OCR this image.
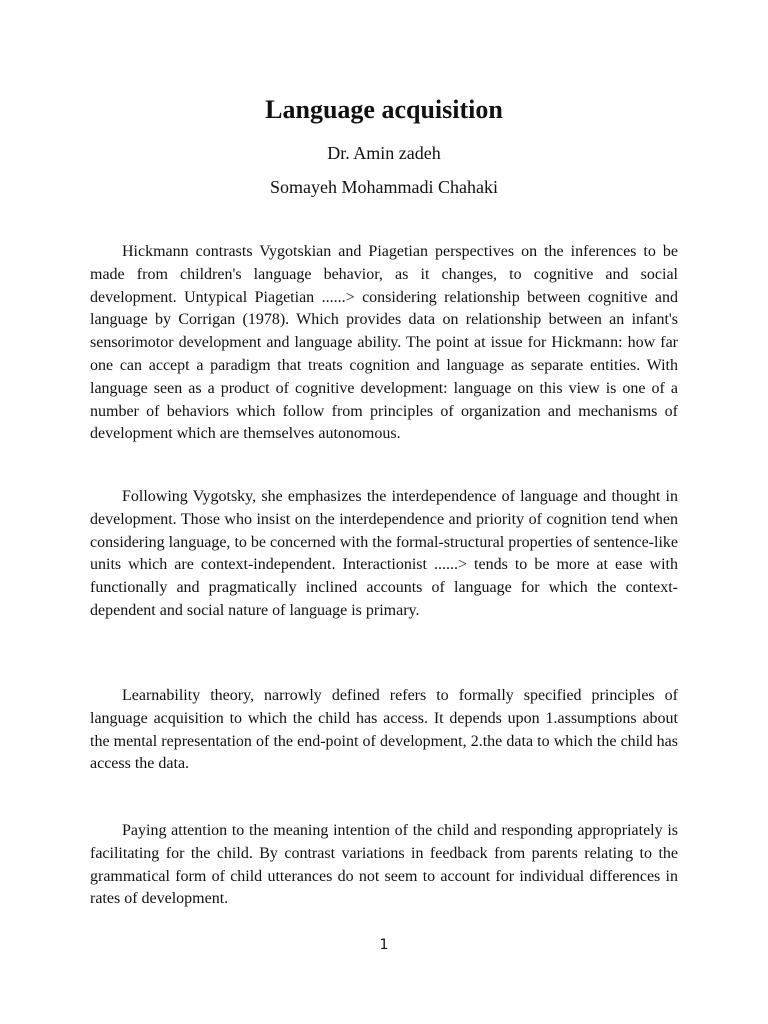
Language acquisition

Dr. Amin zadeh

Somayeh Mohammadi Chahaki

Hickmann contrasts Vygotskian and Piagetian perspectives on the inferences to be made from children's language behavior, as it changes, to cognitive and social development. Untypical Piagetian ......> considering relationship between cognitive and language by Corrigan (1978). Which provides data on relationship between an infant's sensorimotor development and language ability. The point at issue for Hickmann: how far one can accept a paradigm that treats cognition and language as separate entities. With language seen as a product of cognitive development: language on this view is one of a number of behaviors which follow from principles of organization and mechanisms of development which are themselves autonomous.

Following Vygotsky, she emphasizes the interdependence of language and thought in development. Those who insist on the interdependence and priority of cognition tend when considering language, to be concerned with the formal-structural properties of sentence-like units which are context-independent. Interactionist ......> tends to be more at ease with functionally and pragmatically inclined accounts of language for which the context-dependent and social nature of language is primary.

Learnability theory, narrowly defined refers to formally specified principles of language acquisition to which the child has access. It depends upon 1.assumptions about the mental representation of the end-point of development, 2.the data to which the child has access the data.

Paying attention to the meaning intention of the child and responding appropriately is facilitating for the child. By contrast variations in feedback from parents relating to the grammatical form of child utterances do not seem to account for individual differences in rates of development.

1
